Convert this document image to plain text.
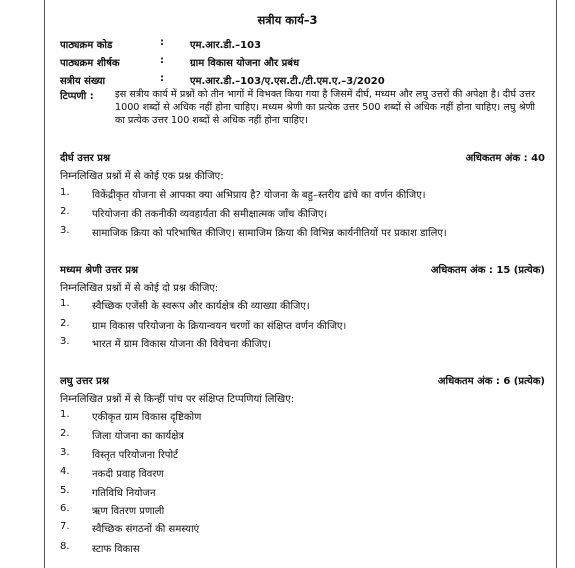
सत्रीय कार्य–3
पाठ्यक्रम कोड	:	एम.आर.डी.–103
पाठ्यक्रम शीर्षक	:	ग्राम विकास योजना और प्रबंध
सत्रीय संख्या	:	एम.आर.डी.–103/ए.एस.टी./टी.एम.ए.–3/2020
टिप्पणी : इस सत्रीय कार्य में प्रश्नों को तीन भागों में विभक्त किया गया है जिसमें दीर्घ, मध्यम और लघु उत्तरों की अपेक्षा है। दीर्घ उत्तर 1000 शब्दों से अधिक नहीं होना चाहिए। मध्यम श्रेणी का प्रत्येक उत्तर 500 शब्दों से अधिक नहीं होना चाहिए। लघु श्रेणी का प्रत्येक उत्तर 100 शब्दों से अधिक नहीं होना चाहिए।
दीर्घ उत्तर प्रश्न	अधिकतम अंक : 40
निम्नलिखित प्रश्नों में से कोई एक प्रश्न कीजिए:
1.	विकेंद्रीकृत योजना से आपका क्या अभिप्राय है? योजना के बहु–स्तरीय ढांचे का वर्णन कीजिए।
2.	परियोजना की तकनीकी व्यवहार्यता की समीक्षात्मक जाँच कीजिए।
3.	सामाजिक क्रिया को परिभाषित कीजिए। सामाजिम क्रिया की विभिन्न कार्यनीतियों पर प्रकाश डालिए।
मध्यम श्रेणी उत्तर प्रश्न	अधिकतम अंक : 15 (प्रत्येक)
निम्नलिखित प्रश्नों में से कोई दो प्रश्न कीजिए:
1.	स्वैच्छिक एजेंसी के स्वरूप और कार्यक्षेत्र की व्याख्या कीजिए।
2.	ग्राम विकास परियोजना के क्रियान्वयन चरणों का संक्षिप्त वर्णन कीजिए।
3.	भारत में ग्राम विकास योजना की विवेचना कीजिए।
लघु उत्तर प्रश्न	अधिकतम अंक : 6 (प्रत्येक)
निम्नलिखित प्रश्नों में से किन्हीं पांच पर संक्षिप्त टिप्पणियां लिखिए:
1.	एकीकृत ग्राम विकास दृष्टिकोण
2.	जिला योजना का कार्यक्षेत्र
3.	विस्तृत परियोजना रिपोर्ट
4.	नकदी प्रवाह विवरण
5.	गतिविधि नियोजन
6.	ऋण वितरण प्रणाली
7.	स्वैच्छिक संगठनों की समस्याएं
8.	स्टाफ विकास
